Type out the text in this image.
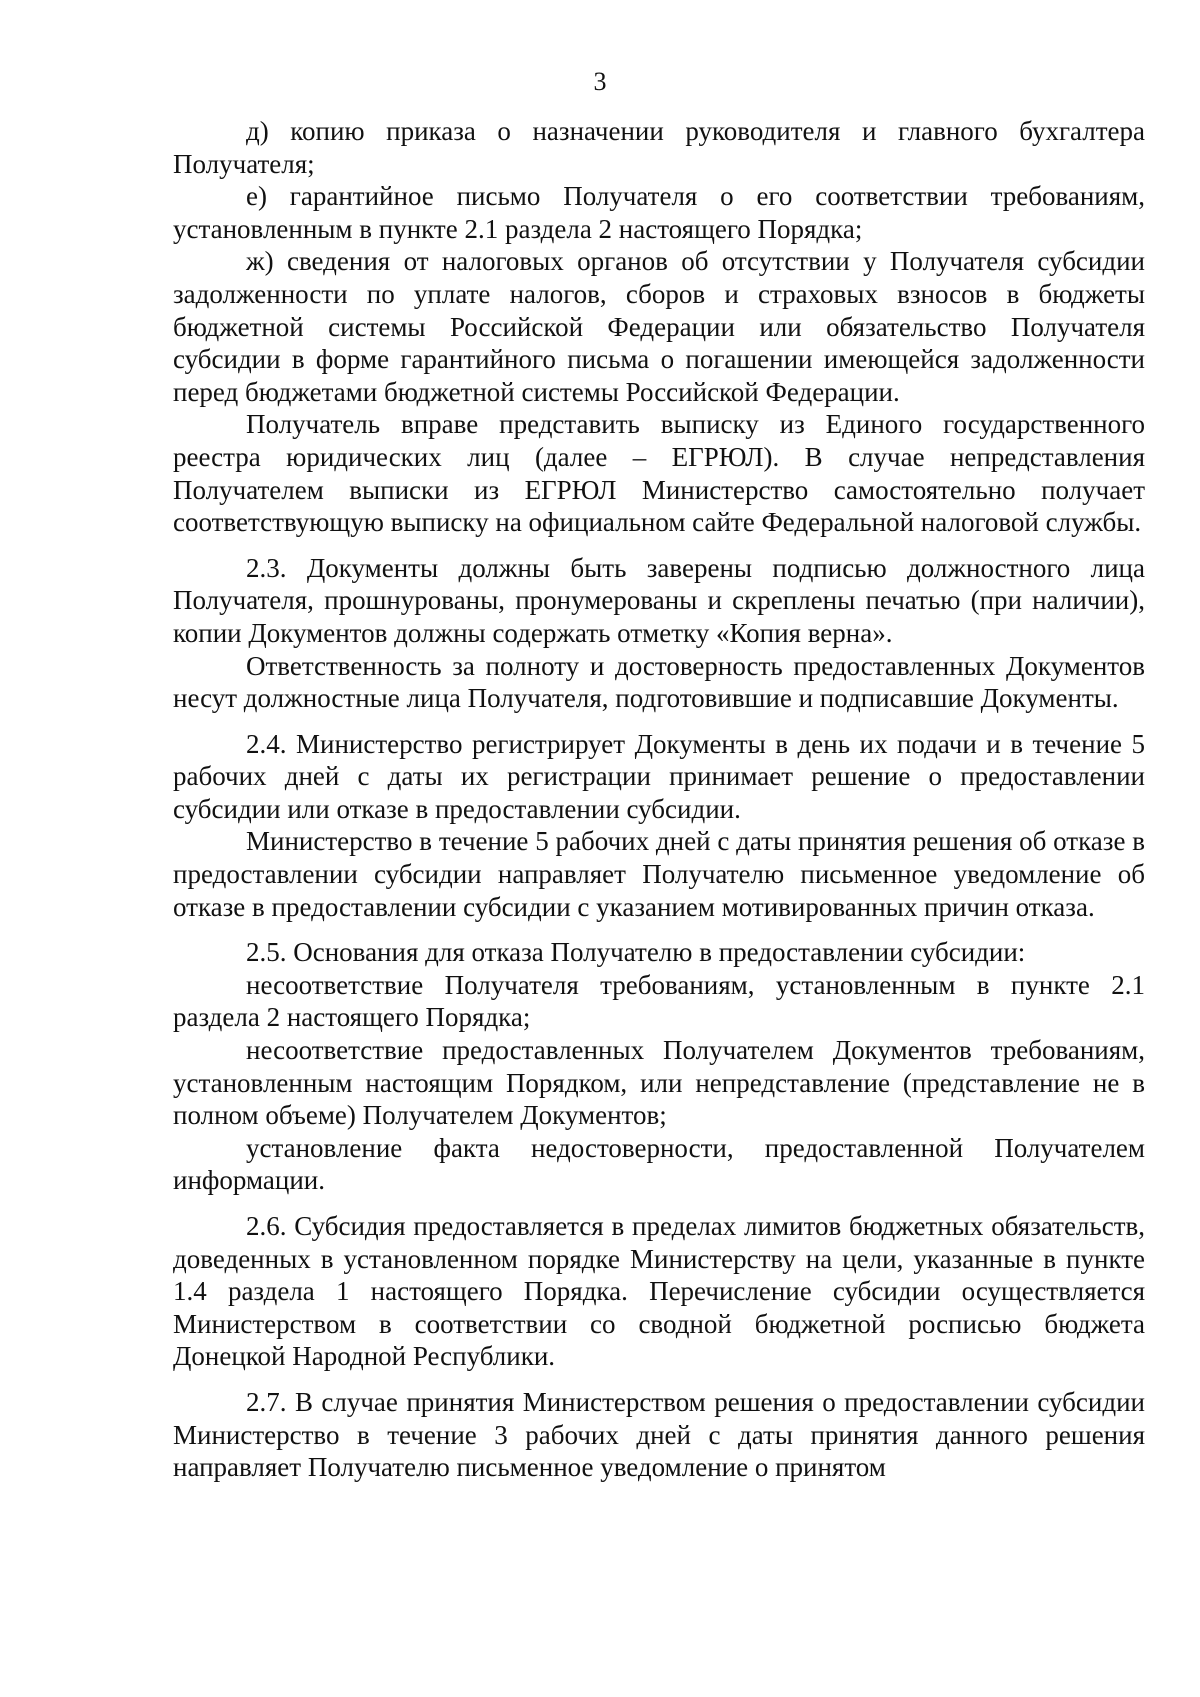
3

д) копию приказа о назначении руководителя и главного бухгалтера Получателя;

е) гарантийное письмо Получателя о его соответствии требованиям, установленным в пункте 2.1 раздела 2 настоящего Порядка;

ж) сведения от налоговых органов об отсутствии у Получателя субсидии задолженности по уплате налогов, сборов и страховых взносов в бюджеты бюджетной системы Российской Федерации или обязательство Получателя субсидии в форме гарантийного письма о погашении имеющейся задолженности перед бюджетами бюджетной системы Российской Федерации.

Получатель вправе представить выписку из Единого государственного реестра юридических лиц (далее – ЕГРЮЛ). В случае непредставления Получателем выписки из ЕГРЮЛ Министерство самостоятельно получает соответствующую выписку на официальном сайте Федеральной налоговой службы.

2.3. Документы должны быть заверены подписью должностного лица Получателя, прошнурованы, пронумерованы и скреплены печатью (при наличии), копии Документов должны содержать отметку «Копия верна».

Ответственность за полноту и достоверность предоставленных Документов несут должностные лица Получателя, подготовившие и подписавшие Документы.

2.4. Министерство регистрирует Документы в день их подачи и в течение 5 рабочих дней с даты их регистрации принимает решение о предоставлении субсидии или отказе в предоставлении субсидии.

Министерство в течение 5 рабочих дней с даты принятия решения об отказе в предоставлении субсидии направляет Получателю письменное уведомление об отказе в предоставлении субсидии с указанием мотивированных причин отказа.

2.5. Основания для отказа Получателю в предоставлении субсидии:

несоответствие Получателя требованиям, установленным в пункте 2.1 раздела 2 настоящего Порядка;

несоответствие предоставленных Получателем Документов требованиям, установленным настоящим Порядком, или непредставление (представление не в полном объеме) Получателем Документов;

установление факта недостоверности, предоставленной Получателем информации.

2.6. Субсидия предоставляется в пределах лимитов бюджетных обязательств, доведенных в установленном порядке Министерству на цели, указанные в пункте 1.4 раздела 1 настоящего Порядка. Перечисление субсидии осуществляется Министерством в соответствии со сводной бюджетной росписью бюджета Донецкой Народной Республики.

2.7. В случае принятия Министерством решения о предоставлении субсидии Министерство в течение 3 рабочих дней с даты принятия данного решения направляет Получателю письменное уведомление о принятом
